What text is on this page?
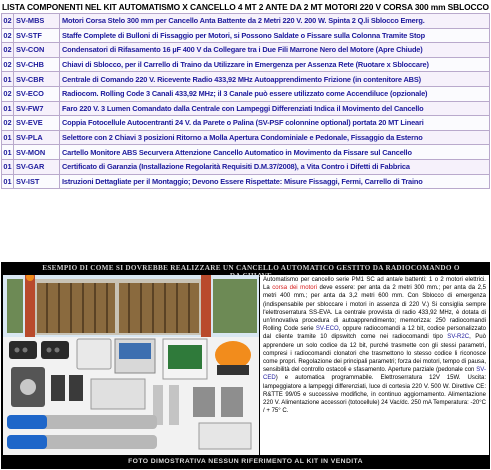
LISTA COMPONENTI NEL KIT AUTOMATISMO X CANCELLO 4 MT 2 ANTE DA 2 MT MOTORI 220 V CORSA 300 mm SBLOCCO
02	SV-MBS	Motori Corsa Stelo 300 mm per Cancello Anta Battente da 2 Metri 220 V. 200 W. Spinta 2 Q.li Sblocco Emerg.
02	SV-STF	Staffe Complete di Bulloni di Fissaggio per Motori, si Possono Saldate o Fissare sulla Colonna Tramite Stop
02	SV-CON	Condensatori di Rifasamento 16 µF 400 V da Collegare tra i Due Fili Marrone Nero del Motore (Apre Chiude)
02	SV-CHB	Chiavi di Sblocco, per il Carrello di Traino da Utilizzare in Emergenza per Assenza Rete (Ruotare x Sbloccare)
01	SV-CBR	Centrale di Comando 220 V. Ricevente Radio 433,92 MHz Autoapprendimento Frizione (in contenitore ABS)
02	SV-ECO	Radiocom. Rolling Code 3 Canali 433,92 MHz; il 3 Canale può essere utilizzato come Accendiluce (opzionale)
01	SV-FW7	Faro 220 V. 3 Lumen Comandato dalla Centrale con Lampeggi Differenziati Indica il Movimento del Cancello
02	SV-EVE	Coppia Fotocellule Autocentranti 24 V. da Parete o Palina (SV-PSF colonnine optional) portata 20 MT Lineari
01	SV-PLA	Selettore con 2 Chiavi 3 posizioni Ritorno a Molla Apertura Condominiale e Pedonale, Fissaggio da Esterno
01	SV-MON	Cartello Monitore ABS Securvera Attenzione Cancello Automatico in Movimento da Fissare sul Cancello
01	SV-GAR	Certificato di Garanzia (Installazione Regolarità Requisiti D.M.37/2008), a Vita Contro i Difetti di Fabbrica
01	SV-IST	Istruzioni Dettagliate per il Montaggio; Devono Essere Rispettate: Misure Fissaggi, Fermi, Carrello di Traino
ESEMPIO DI COME SI DOVREBBE REALIZZARE UN CANCELLO AUTOMATICO GESTITO DA RADIOCOMANDO O
Automatismo per cancello serie PM1 SC ad anta/e battenti: 1 o 2 motori elettrici. La corsa dei motori deve essere: per anta da 2 metri 300 mm.; per anta da 2,5 metri 400 mm.; per anta da 3,2 metri 600 mm. Con Sblocco di emergenza (indispensabile per sbloccare i motori in assenza di 220 V.) Si consiglia sempre l'elettroserratura SS-EVA. La centrale provvista di radio 433,92 MHz, è dotata di un'innovativa procedura di autoapprendimento; memorizza: 250 radiocomandi Rolling Code serie SV-ECO, oppure radiocomandi a 12 bit, codice personalizzato dal cliente tramite 10 dipswitch come nei radiocomandi tipo SV-R2C, Può apprendere un solo codice da 12 bit, purché trasmette con gli stessi parametri, compresi i radiocomandi clonatori che trasmettono lo stesso codice li riconosce come propri. Regolazione dei principali parametri; forza dei motori, tempo di pausa, sensibilità del controllo ostacoli e sfasamento. Aperture parziale (pedonale con SV-CED) e automatica programmabile. Elettroserratura 12V 15W. Uscita: lampeggiatore a lampeggi differenziati, luce di cortesia 220 V. 500 W. Direttive CE: R&TTE 99/05 e successive modifiche, in continuo aggiornamento. Alimentazione 220 V. Alimentazione accessori (totocellule) 24 Vac/dc. 250 mA Temperatura: -20°C / + 75° C.
FOTO DIMOSTRATIVA NESSUN RIFERIMENTO AL KIT IN VENDITA
